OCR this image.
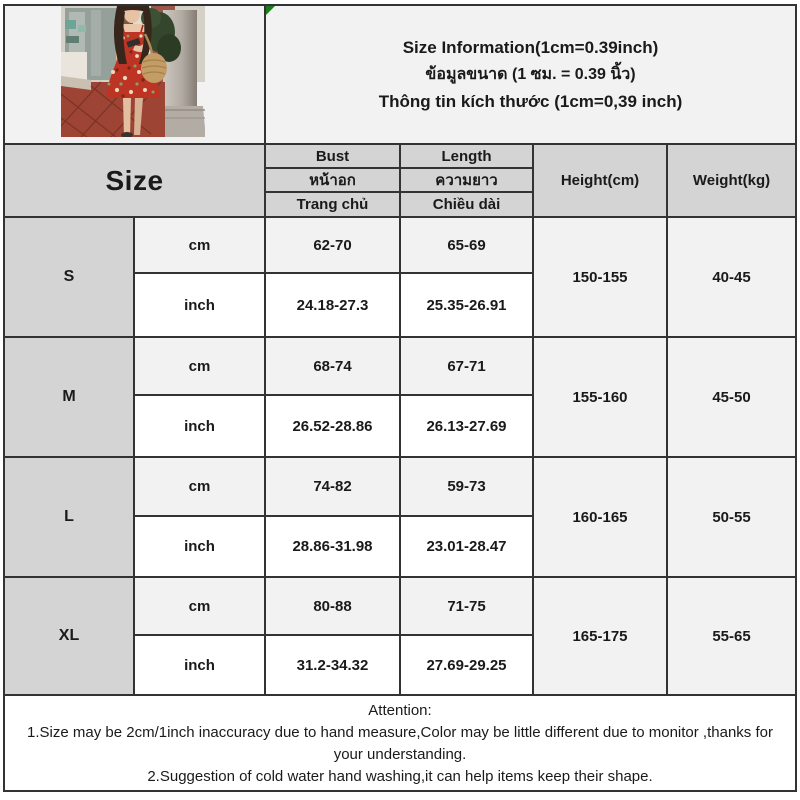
Size Information(1cm=0.39inch)
ข้อมูลขนาด (1 ซม. = 0.39 นิ้ว)
Thông tin kích thước (1cm=0,39 inch)
Size
Bust
หน้าอก
Trang chủ
Length
ความยาว
Chiều dài
Height(cm)	Weight(kg)
S
cm	62-70	65-69
inch	24.18-27.3	25.35-26.91
150-155	40-45
M
cm	68-74	67-71
inch	26.52-28.86	26.13-27.69
155-160	45-50
L
cm	74-82	59-73
inch	28.86-31.98	23.01-28.47
160-165	50-55
XL
cm	80-88	71-75
inch	31.2-34.32	27.69-29.25
165-175	55-65
Attention:
1.Size may be 2cm/1inch inaccuracy due to hand measure,Color may be little different due to monitor ,thanks for your understanding.
2.Suggestion of cold water hand washing,it can help items keep their shape.
